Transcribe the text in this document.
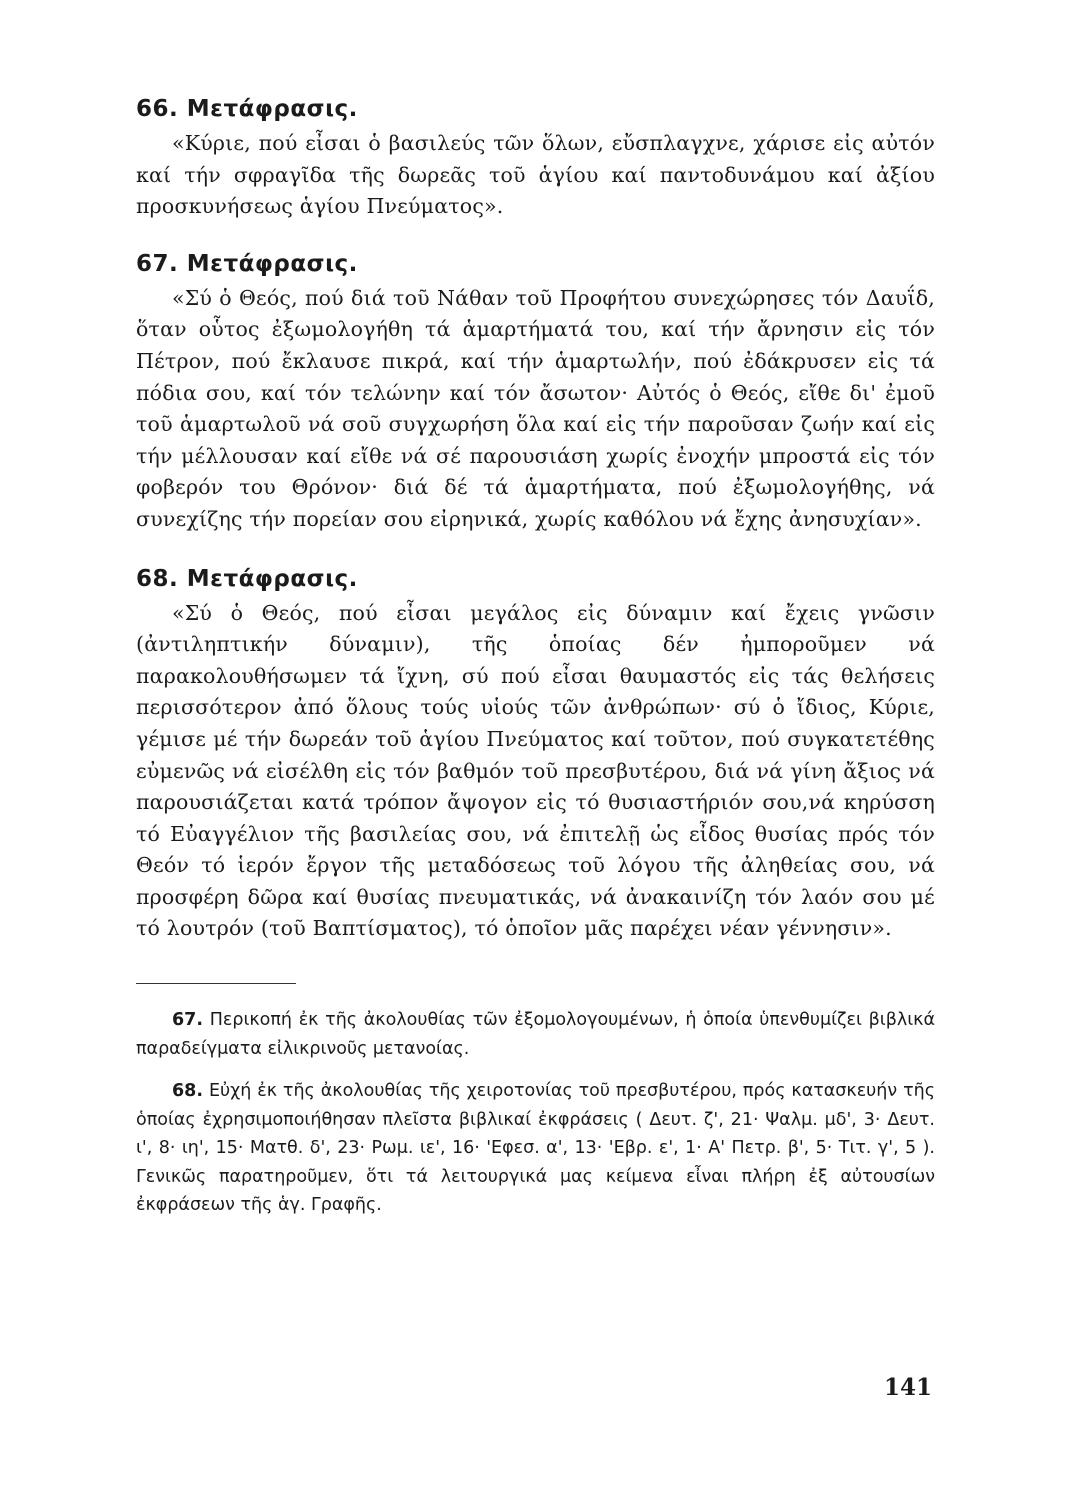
66. Μετάφρασις.

«Κύριε, πού εἶσαι ὁ βασιλεύς τῶν ὅλων, εὔσπλαγχνε, χάρισε εἰς αὐτόν καί τήν σφραγῖδα τῆς δωρεᾶς τοῦ ἁγίου καί παντοδυνάμου καί ἀξίου προσκυνήσεως ἁγίου Πνεύματος».

67. Μετάφρασις.

«Σύ ὁ Θεός, πού διά τοῦ Νάθαν τοῦ Προφήτου συνεχώρησες τόν Δαυΐδ, ὅταν οὗτος ἐξωμολογήθη τά ἁμαρτήματά του, καί τήν ἄρνησιν εἰς τόν Πέτρον, πού ἔκλαυσε πικρά, καί τήν ἁμαρτωλήν, πού ἐδάκρυσεν εἰς τά πόδια σου, καί τόν τελώνην καί τόν ἄσωτον· Αὐτός ὁ Θεός, εἴθε δι' ἐμοῦ τοῦ ἁμαρτωλοῦ νά σοῦ συγχωρήση ὅλα καί εἰς τήν παροῦσαν ζωήν καί εἰς τήν μέλλουσαν καί εἴθε νά σέ παρουσιάση χωρίς ἐνοχήν μπροστά εἰς τόν φοβερόν του Θρόνον· διά δέ τά ἁμαρτήματα, πού ἐξωμολογήθης, νά συνεχίζης τήν πορείαν σου εἰρηνικά, χωρίς καθόλου νά ἔχης ἀνησυχίαν».

68. Μετάφρασις.

«Σύ ὁ Θεός, πού εἶσαι μεγάλος εἰς δύναμιν καί ἔχεις γνῶσιν (ἀντιληπτικήν δύναμιν), τῆς ὁποίας δέν ἠμποροῦμεν νά παρακολουθήσωμεν τά ἴχνη, σύ πού εἶσαι θαυμαστός εἰς τάς θελήσεις περισσότερον ἀπό ὅλους τούς υἱούς τῶν ἀνθρώπων· σύ ὁ ἴδιος, Κύριε, γέμισε μέ τήν δωρεάν τοῦ ἁγίου Πνεύματος καί τοῦτον, πού συγκατετέθης εὐμενῶς νά εἰσέλθη εἰς τόν βαθμόν τοῦ πρεσβυτέρου, διά νά γίνη ἄξιος νά παρουσιάζεται κατά τρόπον ἄψογον εἰς τό θυσιαστήριόν σου,νά κηρύσση τό Εὐαγγέλιον τῆς βασιλείας σου, νά ἐπιτελῇ ὡς εἶδος θυσίας πρός τόν Θεόν τό ἱερόν ἔργον τῆς μεταδόσεως τοῦ λόγου τῆς ἀληθείας σου, νά προσφέρη δῶρα καί θυσίας πνευματικάς, νά ἀνακαινίζη τόν λαόν σου μέ τό λουτρόν (τοῦ Βαπτίσματος), τό ὁποῖον μᾶς παρέχει νέαν γέννησιν».

67. Περικοπή ἐκ τῆς ἀκολουθίας τῶν ἐξομολογουμένων, ἡ ὁποία ὑπενθυμίζει βιβλικά παραδείγματα εἰλικρινοῦς μετανοίας.

68. Εὐχή ἐκ τῆς ἀκολουθίας τῆς χειροτονίας τοῦ πρεσβυτέρου, πρός κατασκευήν τῆς ὁποίας ἐχρησιμοποιήθησαν πλεῖστα βιβλικαί ἐκφράσεις ( Δευτ. ζ', 21· Ψαλμ. μδ', 3· Δευτ. ι', 8· ιη', 15· Ματθ. δ', 23· Ρωμ. ιε', 16· 'Εφεσ. α', 13· 'Εβρ. ε', 1· Α' Πετρ. β', 5· Τιτ. γ', 5 ). Γενικῶς παρατηροῦμεν, ὅτι τά λειτουργικά μας κείμενα εἶναι πλήρη ἐξ αὐτουσίων ἐκφράσεων τῆς ἁγ. Γραφῆς.

141
